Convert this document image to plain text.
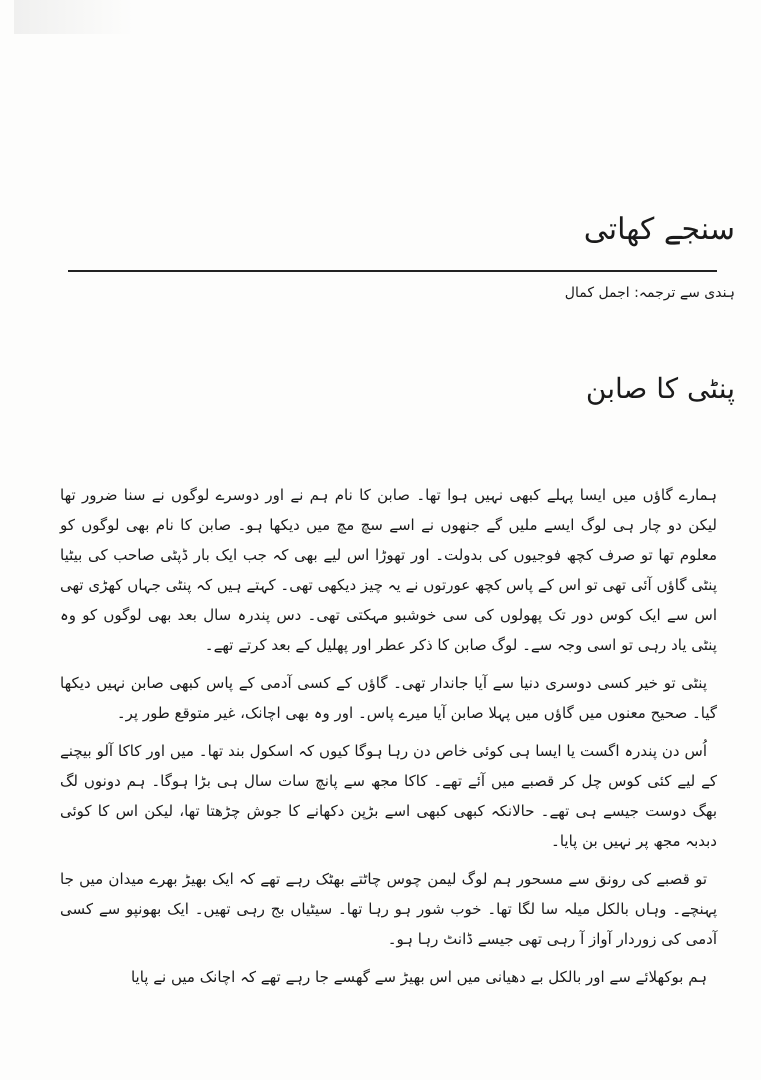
سنجے کھاتی
ہندی سے ترجمہ: اجمل کمال
پنٹی کا صابن

ہمارے گاؤں میں ایسا پہلے کبھی نہیں ہوا تھا۔ صابن کا نام ہم نے اور دوسرے لوگوں نے سنا ضرور تھا لیکن دو چار ہی لوگ ایسے ملیں گے جنھوں نے اسے سچ مچ میں دیکھا ہو۔ صابن کا نام بھی لوگوں کو معلوم تھا تو صرف کچھ فوجیوں کی بدولت۔ اور تھوڑا اس لیے بھی کہ جب ایک بار ڈپٹی صاحب کی بیٹیا پنٹی گاؤں آئی تھی تو اس کے پاس کچھ عورتوں نے یہ چیز دیکھی تھی۔ کہتے ہیں کہ پنٹی جہاں کھڑی تھی اس سے ایک کوس دور تک پھولوں کی سی خوشبو مہکتی تھی۔ دس پندرہ سال بعد بھی لوگوں کو وہ پنٹی یاد رہی تو اسی وجہ سے۔ لوگ صابن کا ذکر عطر اور پھلیل کے بعد کرتے تھے۔

پنٹی تو خیر کسی دوسری دنیا سے آیا جاندار تھی۔ گاؤں کے کسی آدمی کے پاس کبھی صابن نہیں دیکھا گیا۔ صحیح معنوں میں گاؤں میں پہلا صابن آیا میرے پاس۔ اور وہ بھی اچانک، غیر متوقع طور پر۔

اُس دن پندرہ اگست یا ایسا ہی کوئی خاص دن رہا ہوگا کیوں کہ اسکول بند تھا۔ میں اور کاکا آلو بیچنے کے لیے کئی کوس چل کر قصبے میں آئے تھے۔ کاکا مجھ سے پانچ سات سال ہی بڑا ہوگا۔ ہم دونوں لگ بھگ دوست جیسے ہی تھے۔ حالانکہ کبھی کبھی اسے بڑپن دکھانے کا جوش چڑھتا تھا، لیکن اس کا کوئی دبدبہ مجھ پر نہیں بن پایا۔

تو قصبے کی رونق سے مسحور ہم لوگ لیمن چوس چاٹتے بھٹک رہے تھے کہ ایک بھیڑ بھرے میدان میں جا پہنچے۔ وہاں بالکل میلہ سا لگا تھا۔ خوب شور ہو رہا تھا۔ سیٹیاں بج رہی تھیں۔ ایک بھونپو سے کسی آدمی کی زوردار آواز آ رہی تھی جیسے ڈانٹ رہا ہو۔

ہم بوکھلائے سے اور بالکل بے دھیانی میں اس بھیڑ سے گھسے جا رہے تھے کہ اچانک میں نے پایا
